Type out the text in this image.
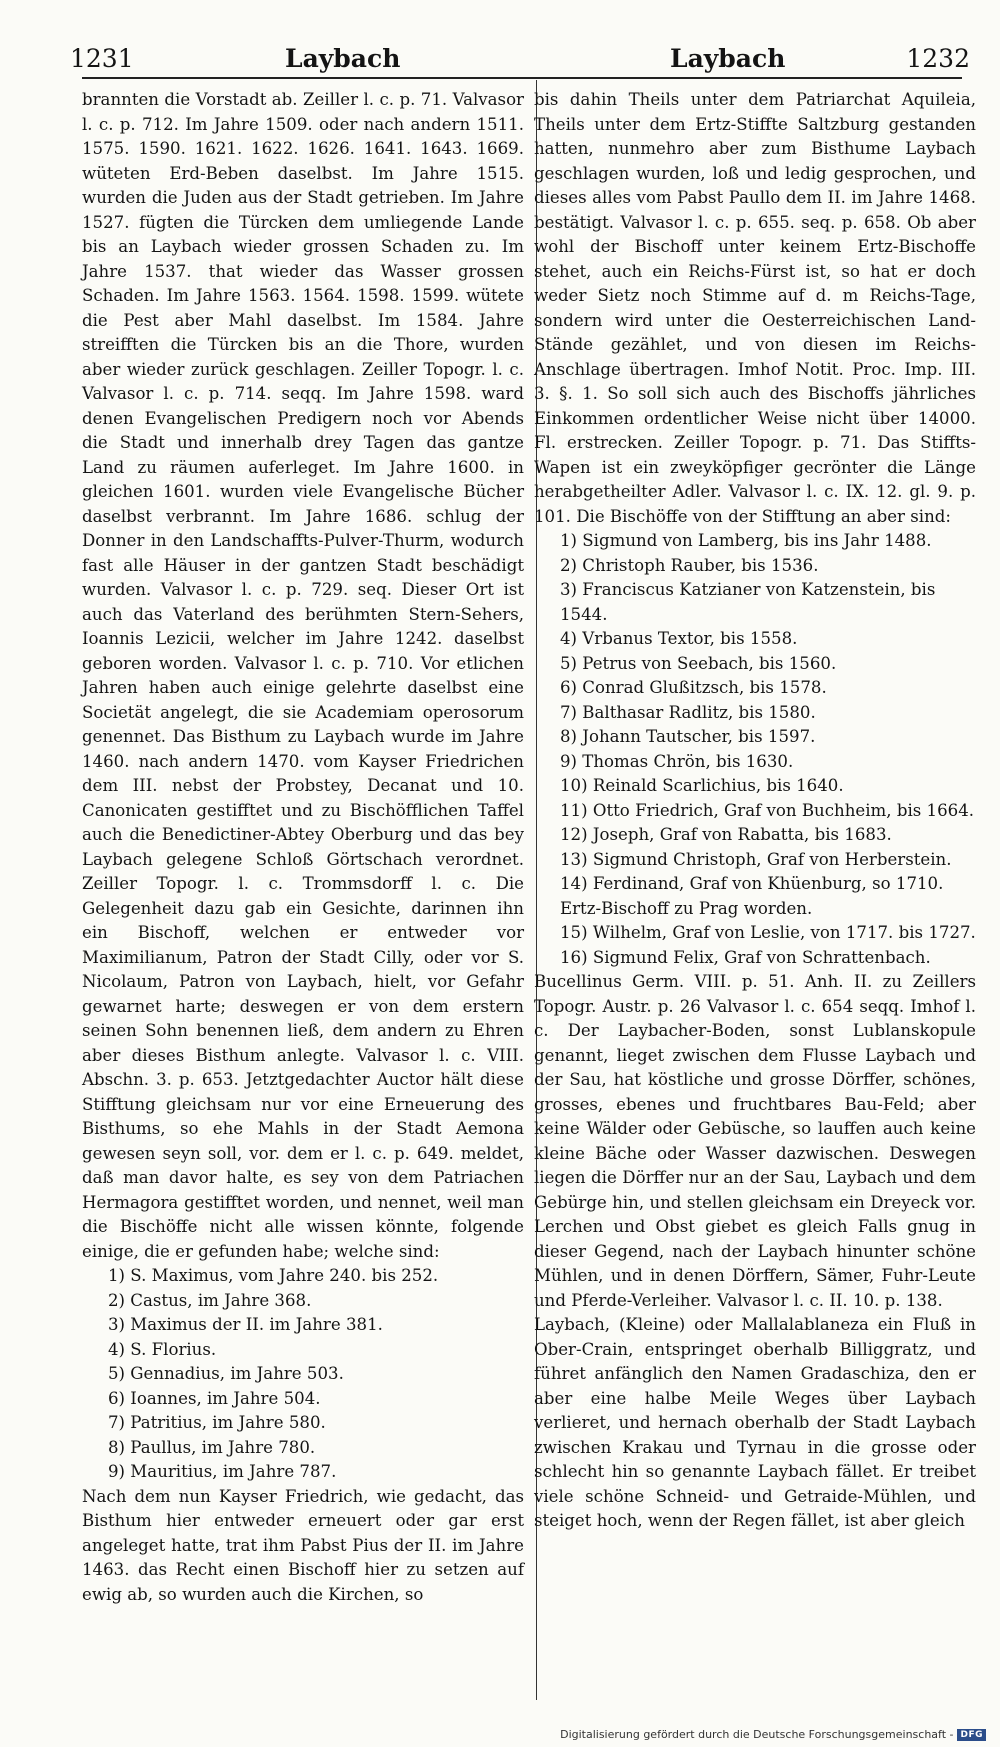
1231	Laybach	Laybach	1232

brannten die Vorstadt ab. Zeiller l. c. p. 71. Valvasor l. c. p. 712. Im Jahre 1509. oder nach andern 1511. 1575. 1590. 1621. 1622. 1626. 1641. 1643. 1669. wüteten Erd-Beben daselbst. Im Jahre 1515. wurden die Juden aus der Stadt getrieben. Im Jahre 1527. fügten die Türcken dem umliegende Lande bis an Laybach wieder grossen Schaden zu. Im Jahre 1537. that wieder das Wasser grossen Schaden. Im Jahre 1563. 1564. 1598. 1599. wütete die Pest aber Mahl daselbst. Im 1584. Jahre streifften die Türcken bis an die Thore, wurden aber wieder zurück geschlagen. Zeiller Topogr. l. c. Valvasor l. c. p. 714. seqq. Im Jahre 1598. ward denen Evangelischen Predigern noch vor Abends die Stadt und innerhalb drey Tagen das gantze Land zu räumen auferleget. Im Jahre 1600. in gleichen 1601. wurden viele Evangelische Bücher daselbst verbrannt. Im Jahre 1686. schlug der Donner in den Landschaffts-Pulver-Thurm, wodurch fast alle Häuser in der gantzen Stadt beschädigt wurden. Valvasor l. c. p. 729. seq. Dieser Ort ist auch das Vaterland des berühmten Stern-Sehers, Ioannis Lezicii, welcher im Jahre 1242. daselbst geboren worden. Valvasor l. c. p. 710. Vor etlichen Jahren haben auch einige gelehrte daselbst eine Societät angelegt, die sie Academiam operosorum genennet. Das Bisthum zu Laybach wurde im Jahre 1460. nach andern 1470. vom Kayser Friedrichen dem III. nebst der Probstey, Decanat und 10. Canonicaten gestifftet und zu Bischöfflichen Taffel auch die Benedictiner-Abtey Oberburg und das bey Laybach gelegene Schloß Görtschach verordnet. Zeiller Topogr. l. c. Trommsdorff l. c. Die Gelegenheit dazu gab ein Gesichte, darinnen ihn ein Bischoff, welchen er entweder vor Maximilianum, Patron der Stadt Cilly, oder vor S. Nicolaum, Patron von Laybach, hielt, vor Gefahr gewarnet harte; deswegen er von dem erstern seinen Sohn benennen ließ, dem andern zu Ehren aber dieses Bisthum anlegte. Valvasor l. c. VIII. Abschn. 3. p. 653. Jetztgedachter Auctor hält diese Stifftung gleichsam nur vor eine Erneuerung des Bisthums, so ehe Mahls in der Stadt Aemona gewesen seyn soll, vor. dem er l. c. p. 649. meldet, daß man davor halte, es sey von dem Patriachen Hermagora gestifftet worden, und nennet, weil man die Bischöffe nicht alle wissen könnte, folgende einige, die er gefunden habe; welche sind:

1) S. Maximus, vom Jahre 240. bis 252.
2) Castus, im Jahre 368.
3) Maximus der II. im Jahre 381.
4) S. Florius.
5) Gennadius, im Jahre 503.
6) Ioannes, im Jahre 504.
7) Patritius, im Jahre 580.
8) Paullus, im Jahre 780.
9) Mauritius, im Jahre 787.

Nach dem nun Kayser Friedrich, wie gedacht, das Bisthum hier entweder erneuert oder gar erst angeleget hatte, trat ihm Pabst Pius der II. im Jahre 1463. das Recht einen Bischoff hier zu setzen auf ewig ab, so wurden auch die Kirchen, so

bis dahin Theils unter dem Patriarchat Aquileia, Theils unter dem Ertz-Stiffte Saltzburg gestanden hatten, nunmehro aber zum Bisthume Laybach geschlagen wurden, loß und ledig gesprochen, und dieses alles vom Pabst Paullo dem II. im Jahre 1468. bestätigt. Valvasor l. c. p. 655. seq. p. 658. Ob aber wohl der Bischoff unter keinem Ertz-Bischoffe stehet, auch ein Reichs-Fürst ist, so hat er doch weder Sietz noch Stimme auf d. m Reichs-Tage, sondern wird unter die Oesterreichischen Land-Stände gezählet, und von diesen im Reichs-Anschlage übertragen. Imhof Notit. Proc. Imp. III. 3. §. 1. So soll sich auch des Bischoffs jährliches Einkommen ordentlicher Weise nicht über 14000. Fl. erstrecken. Zeiller Topogr. p. 71. Das Stiffts-Wapen ist ein zweyköpfiger gecrönter die Länge herabgetheilter Adler. Valvasor l. c. IX. 12. gl. 9. p. 101. Die Bischöffe von der Stifftung an aber sind:

1) Sigmund von Lamberg, bis ins Jahr 1488.
2) Christoph Rauber, bis 1536.
3) Franciscus Katzianer von Katzenstein, bis 1544.
4) Vrbanus Textor, bis 1558.
5) Petrus von Seebach, bis 1560.
6) Conrad Glußitzsch, bis 1578.
7) Balthasar Radlitz, bis 1580.
8) Johann Tautscher, bis 1597.
9) Thomas Chrön, bis 1630.
10) Reinald Scarlichius, bis 1640.
11) Otto Friedrich, Graf von Buchheim, bis 1664.
12) Joseph, Graf von Rabatta, bis 1683.
13) Sigmund Christoph, Graf von Herberstein.
14) Ferdinand, Graf von Khüenburg, so 1710. Ertz-Bischoff zu Prag worden.
15) Wilhelm, Graf von Leslie, von 1717. bis 1727.
16) Sigmund Felix, Graf von Schrattenbach.

Bucellinus Germ. VIII. p. 51. Anh. II. zu Zeillers Topogr. Austr. p. 26 Valvasor l. c. 654 seqq. Imhof l. c. Der Laybacher-Boden, sonst Lublanskopule genannt, lieget zwischen dem Flusse Laybach und der Sau, hat köstliche und grosse Dörffer, schönes, grosses, ebenes und fruchtbares Bau-Feld; aber keine Wälder oder Gebüsche, so lauffen auch keine kleine Bäche oder Wasser dazwischen. Deswegen liegen die Dörffer nur an der Sau, Laybach und dem Gebürge hin, und stellen gleichsam ein Dreyeck vor. Lerchen und Obst giebet es gleich Falls gnug in dieser Gegend, nach der Laybach hinunter schöne Mühlen, und in denen Dörffern, Sämer, Fuhr-Leute und Pferde-Verleiher. Valvasor l. c. II. 10. p. 138.

Laybach, (Kleine) oder Mallalablaneza ein Fluß in Ober-Crain, entspringet oberhalb Billiggratz, und führet anfänglich den Namen Gradaschiza, den er aber eine halbe Meile Weges über Laybach verlieret, und hernach oberhalb der Stadt Laybach zwischen Krakau und Tyrnau in die grosse oder schlecht hin so genannte Laybach fället. Er treibet viele schöne Schneid- und Getraide-Mühlen, und steiget hoch, wenn der Regen fället, ist aber gleich

Digitalisierung gefördert durch die Deutsche Forschungsgemeinschaft - DFG
